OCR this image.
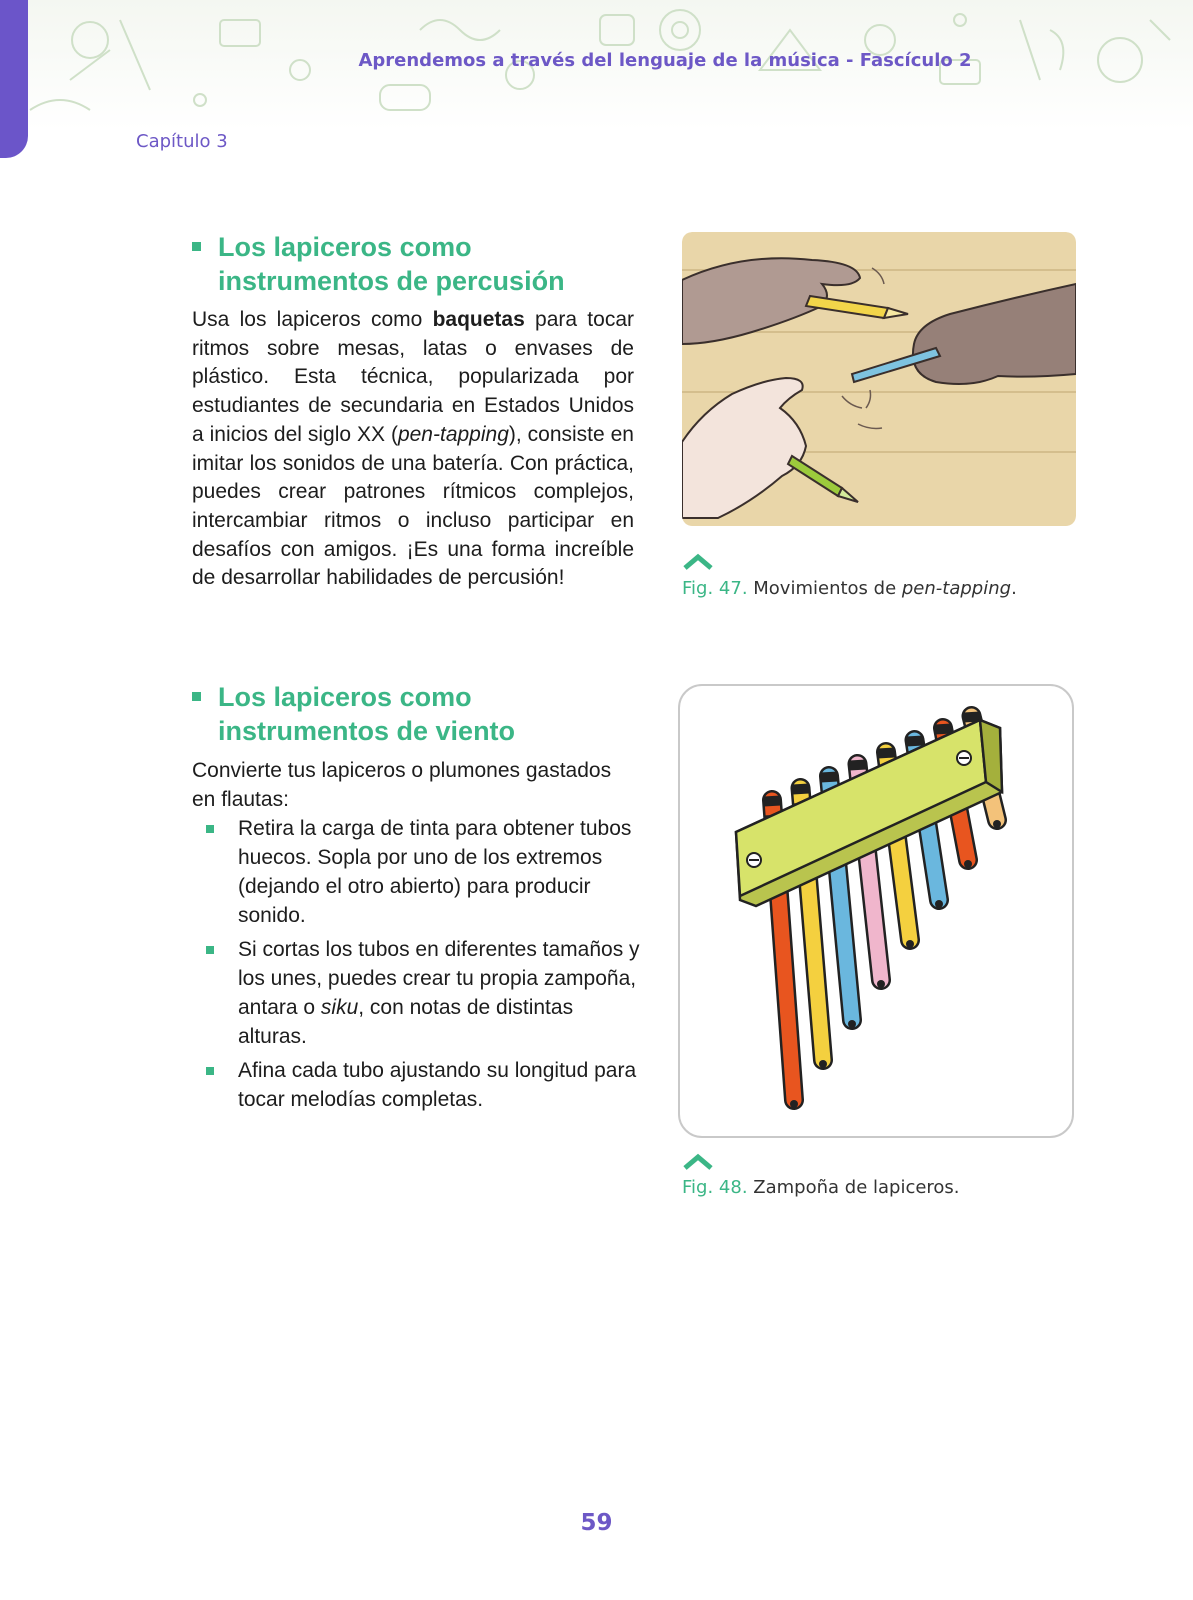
Aprendemos a través del lenguaje de la música - Fascículo 2
Capítulo 3
Los lapiceros como instrumentos de percusión

Usa los lapiceros como baquetas para tocar ritmos sobre mesas, latas o envases de plástico. Esta técnica, popularizada por estudiantes de secundaria en Estados Unidos a inicios del siglo XX (pen-tapping), consiste en imitar los sonidos de una batería. Con práctica, puedes crear patrones rítmicos complejos, intercambiar ritmos o incluso participar en desafíos con amigos. ¡Es una forma increíble de desarrollar habilidades de percusión!	Fig. 47. Movimientos de pen-tapping.
Los lapiceros como instrumentos de viento

Convierte tus lapiceros o plumones gastados en flautas:

Retira la carga de tinta para obtener tubos huecos. Sopla por uno de los extremos (dejando el otro abierto) para producir sonido.
Si cortas los tubos en diferentes tamaños y los unes, puedes crear tu propia zampoña, antara o siku, con notas de distintas alturas.
Afina cada tubo ajustando su longitud para tocar melodías completas.
Fig. 48. Zampoña de lapiceros.
59
